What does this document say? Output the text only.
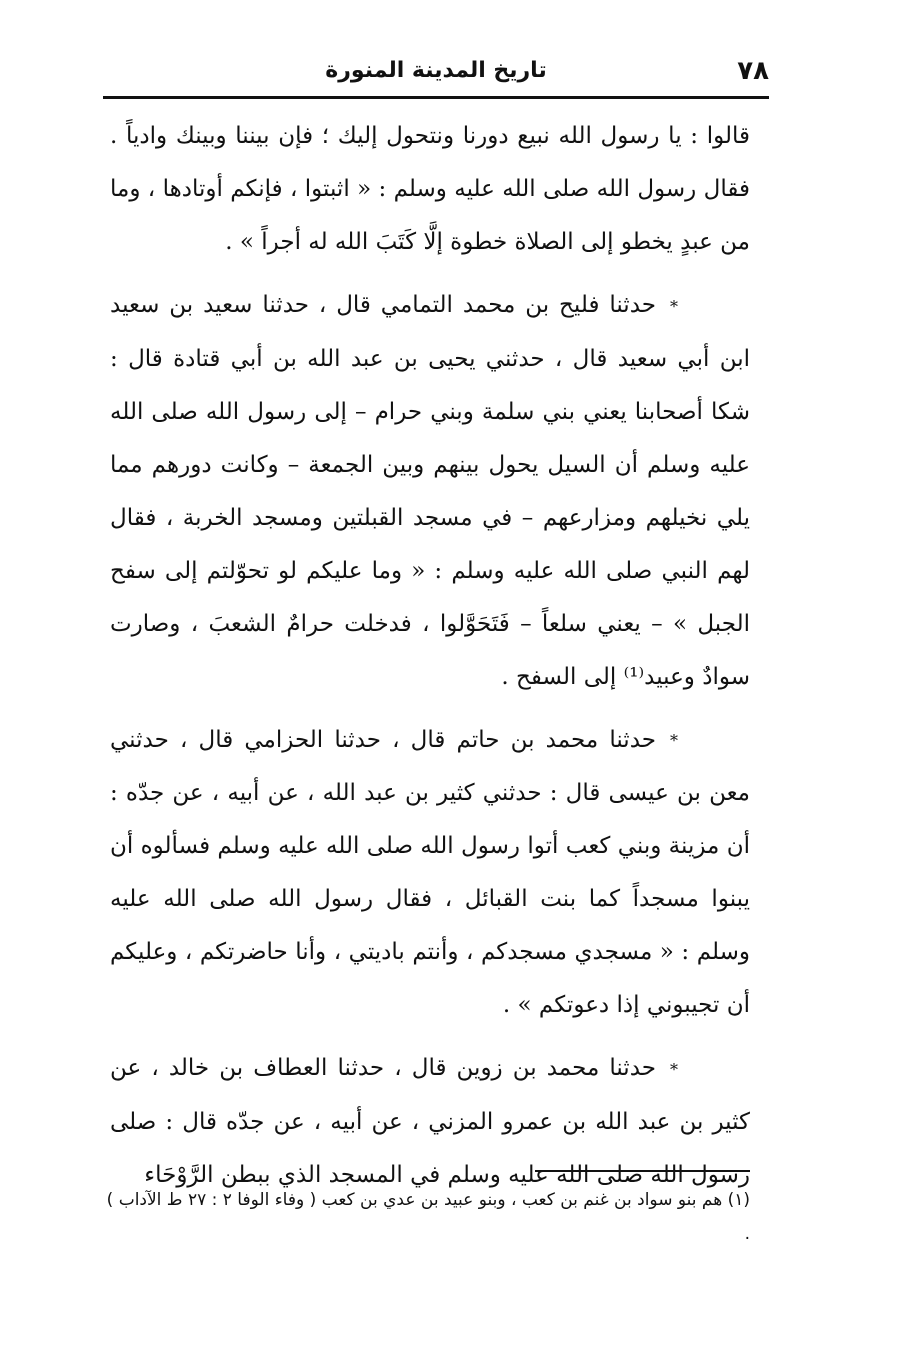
٧٨
تاريخ المدينة المنورة

قالوا : يا رسول الله نبيع دورنا ونتحول إليك ؛ فإن بيننا وبينك وادياً . فقال رسول الله صلى الله عليه وسلم : « اثبتوا ، فإنكم أوتادها ، وما من عبدٍ يخطو إلى الصلاة خطوة إلَّا كَتَبَ الله له أجراً » .

*حدثنا فليح بن محمد التمامي قال ، حدثنا سعيد بن سعيد ابن أبي سعيد قال ، حدثني يحيى بن عبد الله بن أبي قتادة قال : شكا أصحابنا يعني بني سلمة وبني حرام – إلى رسول الله صلى الله عليه وسلم أن السيل يحول بينهم وبين الجمعة – وكانت دورهم مما يلي نخيلهم ومزارعهم – في مسجد القبلتين ومسجد الخربة ، فقال لهم النبي صلى الله عليه وسلم : « وما عليكم لو تحوّلتم إلى سفح الجبل » – يعني سلعاً – فَتَحَوَّلوا ، فدخلت حرامٌ الشعبَ ، وصارت سوادٌ وعبيد⁽¹⁾ إلى السفح .

*حدثنا محمد بن حاتم قال ، حدثنا الحزامي قال ، حدثني معن بن عيسى قال : حدثني كثير بن عبد الله ، عن أبيه ، عن جدّه : أن مزينة وبني كعب أتوا رسول الله صلى الله عليه وسلم فسألوه أن يبنوا مسجداً كما بنت القبائل ، فقال رسول الله صلى الله عليه وسلم : « مسجدي مسجدكم ، وأنتم باديتي ، وأنا حاضرتكم ، وعليكم أن تجيبوني إذا دعوتكم » .

*حدثنا محمد بن زوين قال ، حدثنا العطاف بن خالد ، عن كثير بن عبد الله بن عمرو المزني ، عن أبيه ، عن جدّه قال : صلى رسول الله صلى الله عليه وسلم في المسجد الذي ببطن الرَّوْحَاء

(١) هم بنو سواد بن غنم بن كعب ، وبنو عبيد بن عدي بن كعب ( وفاء الوفا ٢ : ٢٧ ط الآداب ) .
